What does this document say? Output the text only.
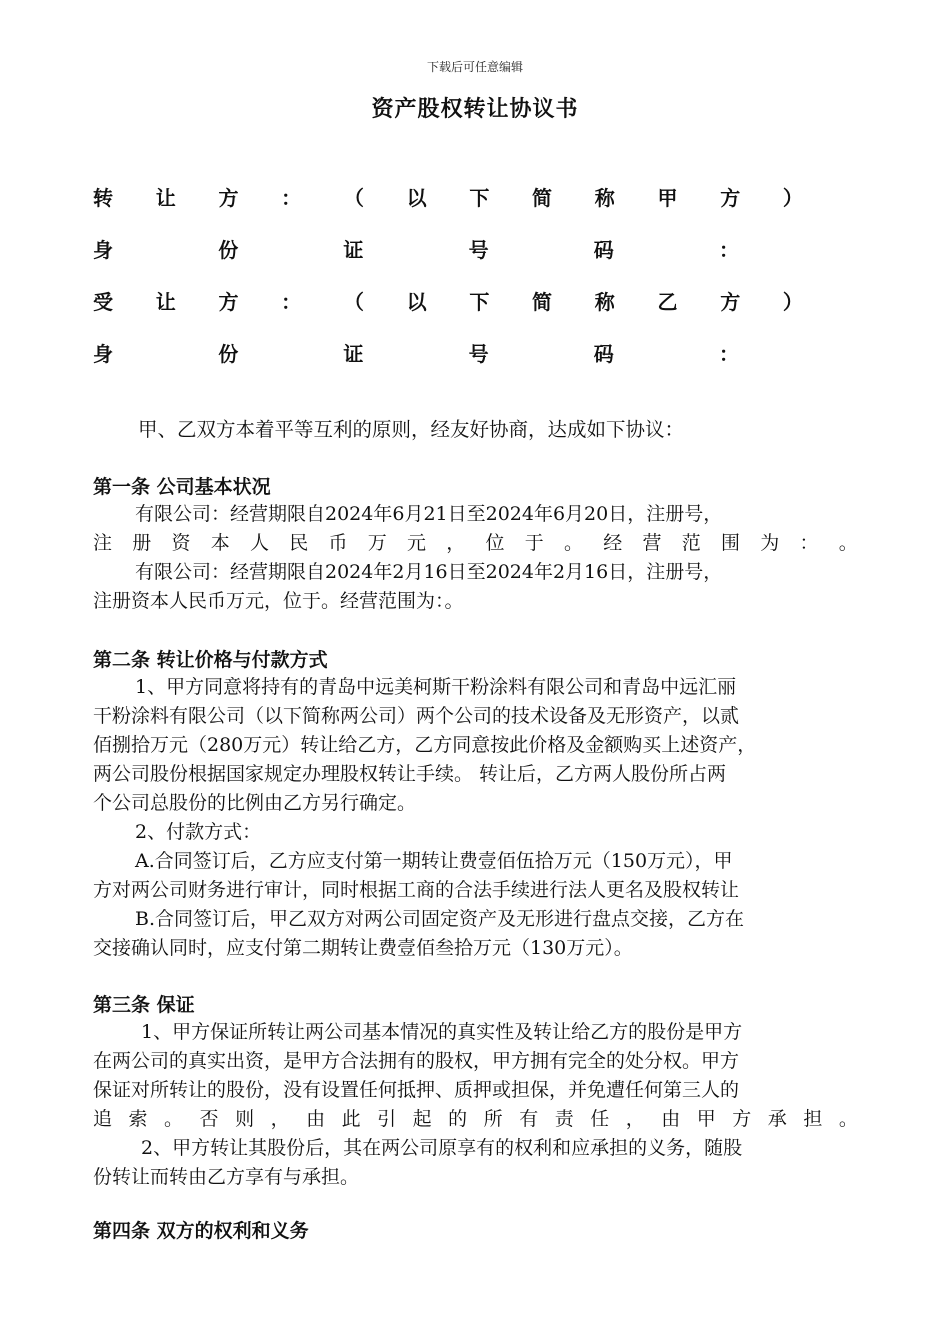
下载后可任意编辑
资产股权转让协议书
转 让 方 ： （ 以 下 简 称 甲 方 ）
身	份	证	号	码	：
受 让 方 ： （ 以 下 简 称 乙 方 ）
身	份	证	号	码	：
甲、乙双方本着平等互利的原则，经友好协商，达成如下协议：
第一条 公司基本状况
有限公司：经营期限自2024年6月21日至2024年6月20日，注册号，
注 册 资 本 人 民 币 万 元 ， 位 于 。 经 营 范 围 为 ： 。
有限公司：经营期限自2024年2月16日至2024年2月16日，注册号，
注册资本人民币万元，位于。经营范围为：。
第二条 转让价格与付款方式
1、甲方同意将持有的青岛中远美柯斯干粉涂料有限公司和青岛中远汇丽
干粉涂料有限公司（以下简称两公司）两个公司的技术设备及无形资产，以贰
佰捌拾万元（280万元）转让给乙方，乙方同意按此价格及金额购买上述资产，
两公司股份根据国家规定办理股权转让手续。 转让后，乙方两人股份所占两
个公司总股份的比例由乙方另行确定。
2、付款方式：
A.合同签订后，乙方应支付第一期转让费壹佰伍拾万元（150万元），甲
方对两公司财务进行审计，同时根据工商的合法手续进行法人更名及股权转让
B.合同签订后，甲乙双方对两公司固定资产及无形进行盘点交接，乙方在
交接确认同时，应支付第二期转让费壹佰叁拾万元（130万元）。
第三条 保证
1、甲方保证所转让两公司基本情况的真实性及转让给乙方的股份是甲方
在两公司的真实出资，是甲方合法拥有的股权，甲方拥有完全的处分权。甲方
保证对所转让的股份，没有设置任何抵押、质押或担保，并免遭任何第三人的
追 索 。 否 则 ， 由 此 引 起 的 所 有 责 任 ， 由 甲 方 承 担 。
2、甲方转让其股份后，其在两公司原享有的权利和应承担的义务，随股
份转让而转由乙方享有与承担。
第四条 双方的权利和义务
